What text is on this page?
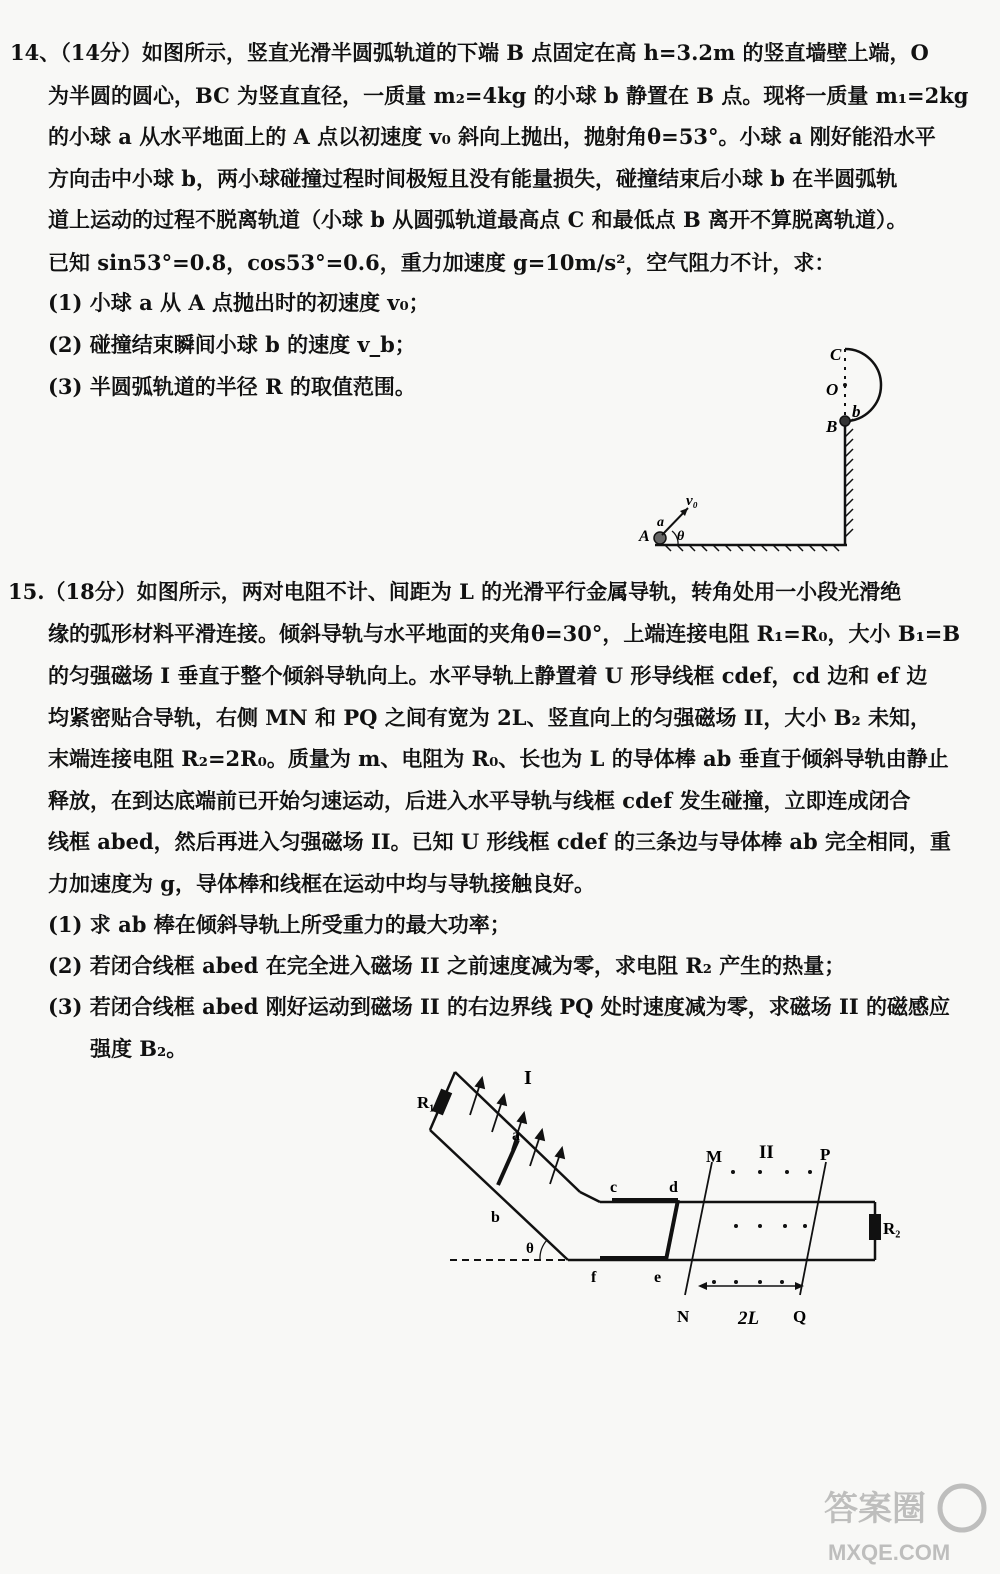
14、（14分）如图所示，竖直光滑半圆弧轨道的下端 B 点固定在高 h=3.2m 的竖直墙壁上端，O
为半圆的圆心，BC 为竖直直径，一质量 m₂=4kg 的小球 b 静置在 B 点。现将一质量 m₁=2kg
的小球 a 从水平地面上的 A 点以初速度 v₀ 斜向上抛出，抛射角θ=53°。小球 a 刚好能沿水平
方向击中小球 b，两小球碰撞过程时间极短且没有能量损失，碰撞结束后小球 b 在半圆弧轨
道上运动的过程不脱离轨道（小球 b 从圆弧轨道最高点 C 和最低点 B 离开不算脱离轨道）。
已知 sin53°=0.8，cos53°=0.6，重力加速度 g=10m/s²，空气阻力不计，求：
(1) 小球 a 从 A 点抛出时的初速度 v₀；
(2) 碰撞结束瞬间小球 b 的速度 v_b；
(3) 半圆弧轨道的半径 R 的取值范围。
C
O
B
b
A
a
θ
v₀
15.（18分）如图所示，两对电阻不计、间距为 L 的光滑平行金属导轨，转角处用一小段光滑绝
缘的弧形材料平滑连接。倾斜导轨与水平地面的夹角θ=30°，上端连接电阻 R₁=R₀，大小 B₁=B
的匀强磁场 I 垂直于整个倾斜导轨向上。水平导轨上静置着 U 形导线框 cdef，cd 边和 ef 边
均紧密贴合导轨，右侧 MN 和 PQ 之间有宽为 2L、竖直向上的匀强磁场 II，大小 B₂ 未知，
末端连接电阻 R₂=2R₀。质量为 m、电阻为 R₀、长也为 L 的导体棒 ab 垂直于倾斜导轨由静止
释放，在到达底端前已开始匀速运动，后进入水平导轨与线框 cdef 发生碰撞，立即连成闭合
线框 abed，然后再进入匀强磁场 II。已知 U 形线框 cdef 的三条边与导体棒 ab 完全相同，重
力加速度为 g，导体棒和线框在运动中均与导轨接触良好。
(1) 求 ab 棒在倾斜导轨上所受重力的最大功率；
(2) 若闭合线框 abed 在完全进入磁场 II 之前速度减为零，求电阻 R₂ 产生的热量；
(3) 若闭合线框 abed 刚好运动到磁场 II 的右边界线 PQ 处时速度减为零，求磁场 II 的磁感应
　　强度 B₂。
R₁
I
a
b
c	d
M II	P
R₂
θ
f	e
N	2L Q
答案圈
MXQE.COM
